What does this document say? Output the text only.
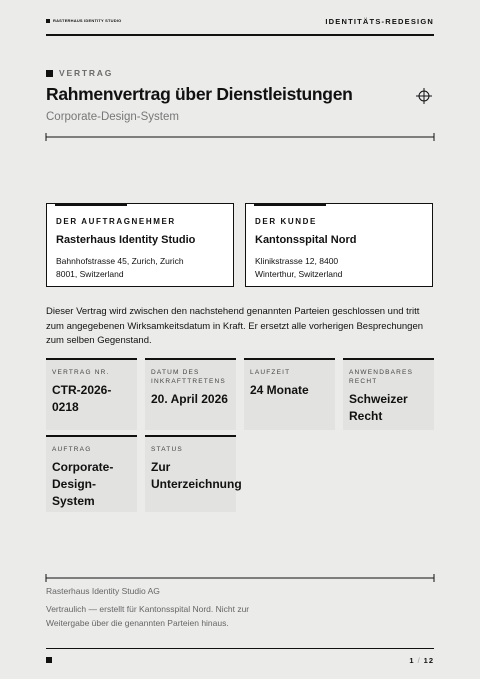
RASTERHAUS IDENTITY STUDIO	IDENTITÄTS-REDESIGN
VERTRAG
Rahmenvertrag über Dienstleistungen
Corporate-Design-System
DER AUFTRAGNEHMER
Rasterhaus Identity Studio
Bahnhofstrasse 45, Zurich, Zurich
8001, Switzerland
DER KUNDE
Kantonsspital Nord
Klinikstrasse 12, 8400
Winterthur, Switzerland
Dieser Vertrag wird zwischen den nachstehend genannten Parteien geschlossen und tritt zum angegebenen Wirksamkeitsdatum in Kraft. Er ersetzt alle vorherigen Besprechungen zum selben Gegenstand.
VERTRAG NR.
CTR-2026-0218
DATUM DES INKRAFTTRETENS
20. April 2026
LAUFZEIT
24 Monate
ANWENDBARES RECHT
Schweizer Recht
AUFTRAG
Corporate-Design-System
STATUS
Zur Unterzeichnung
Rasterhaus Identity Studio AG
Vertraulich — erstellt für Kantonsspital Nord. Nicht zur Weitergabe über die genannten Parteien hinaus.
1 / 12
